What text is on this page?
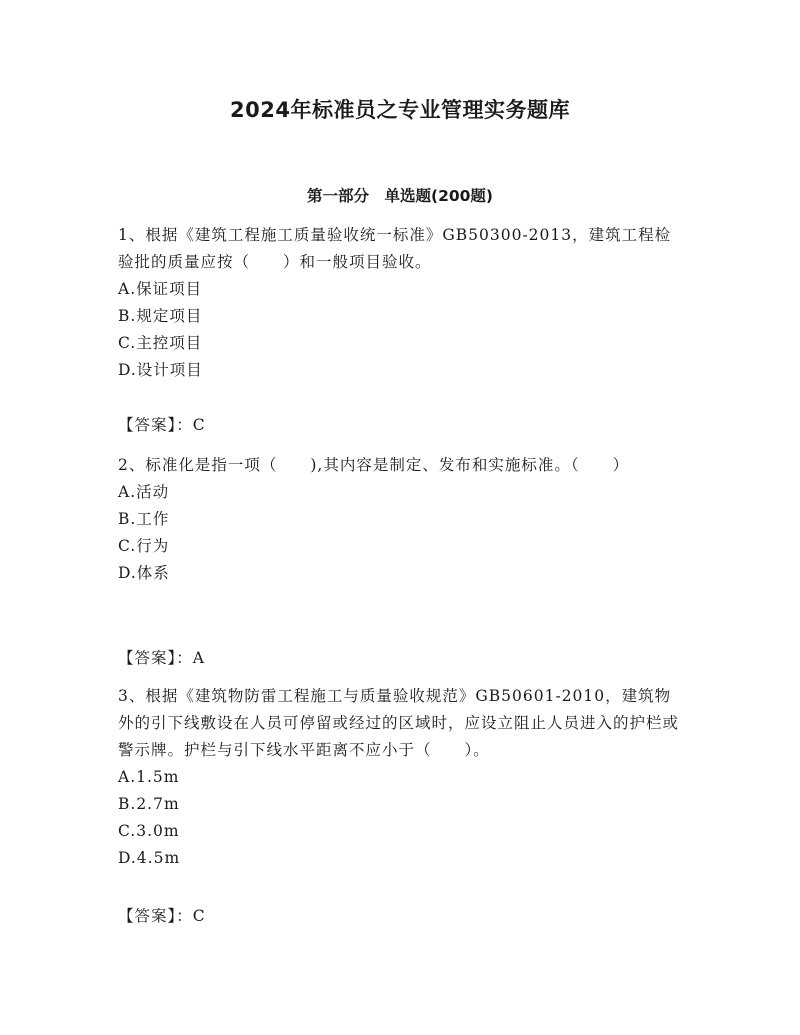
2024年标准员之专业管理实务题库
第一部分　单选题(200题)

1、根据《建筑工程施工质量验收统一标准》GB50300-2013，建筑工程检验批的质量应按（　　）和一般项目验收。

A.保证项目
B.规定项目
C.主控项目
D.设计项目
【答案】：C

2、标准化是指一项（　　),其内容是制定、发布和实施标准。（　　）

A.活动
B.工作
C.行为
D.体系
【答案】：A

3、根据《建筑物防雷工程施工与质量验收规范》GB50601-2010，建筑物外的引下线敷设在人员可停留或经过的区域时，应设立阻止人员进入的护栏或警示牌。护栏与引下线水平距离不应小于（　　）。

A.1.5m
B.2.7m
C.3.0m
D.4.5m
【答案】：C
